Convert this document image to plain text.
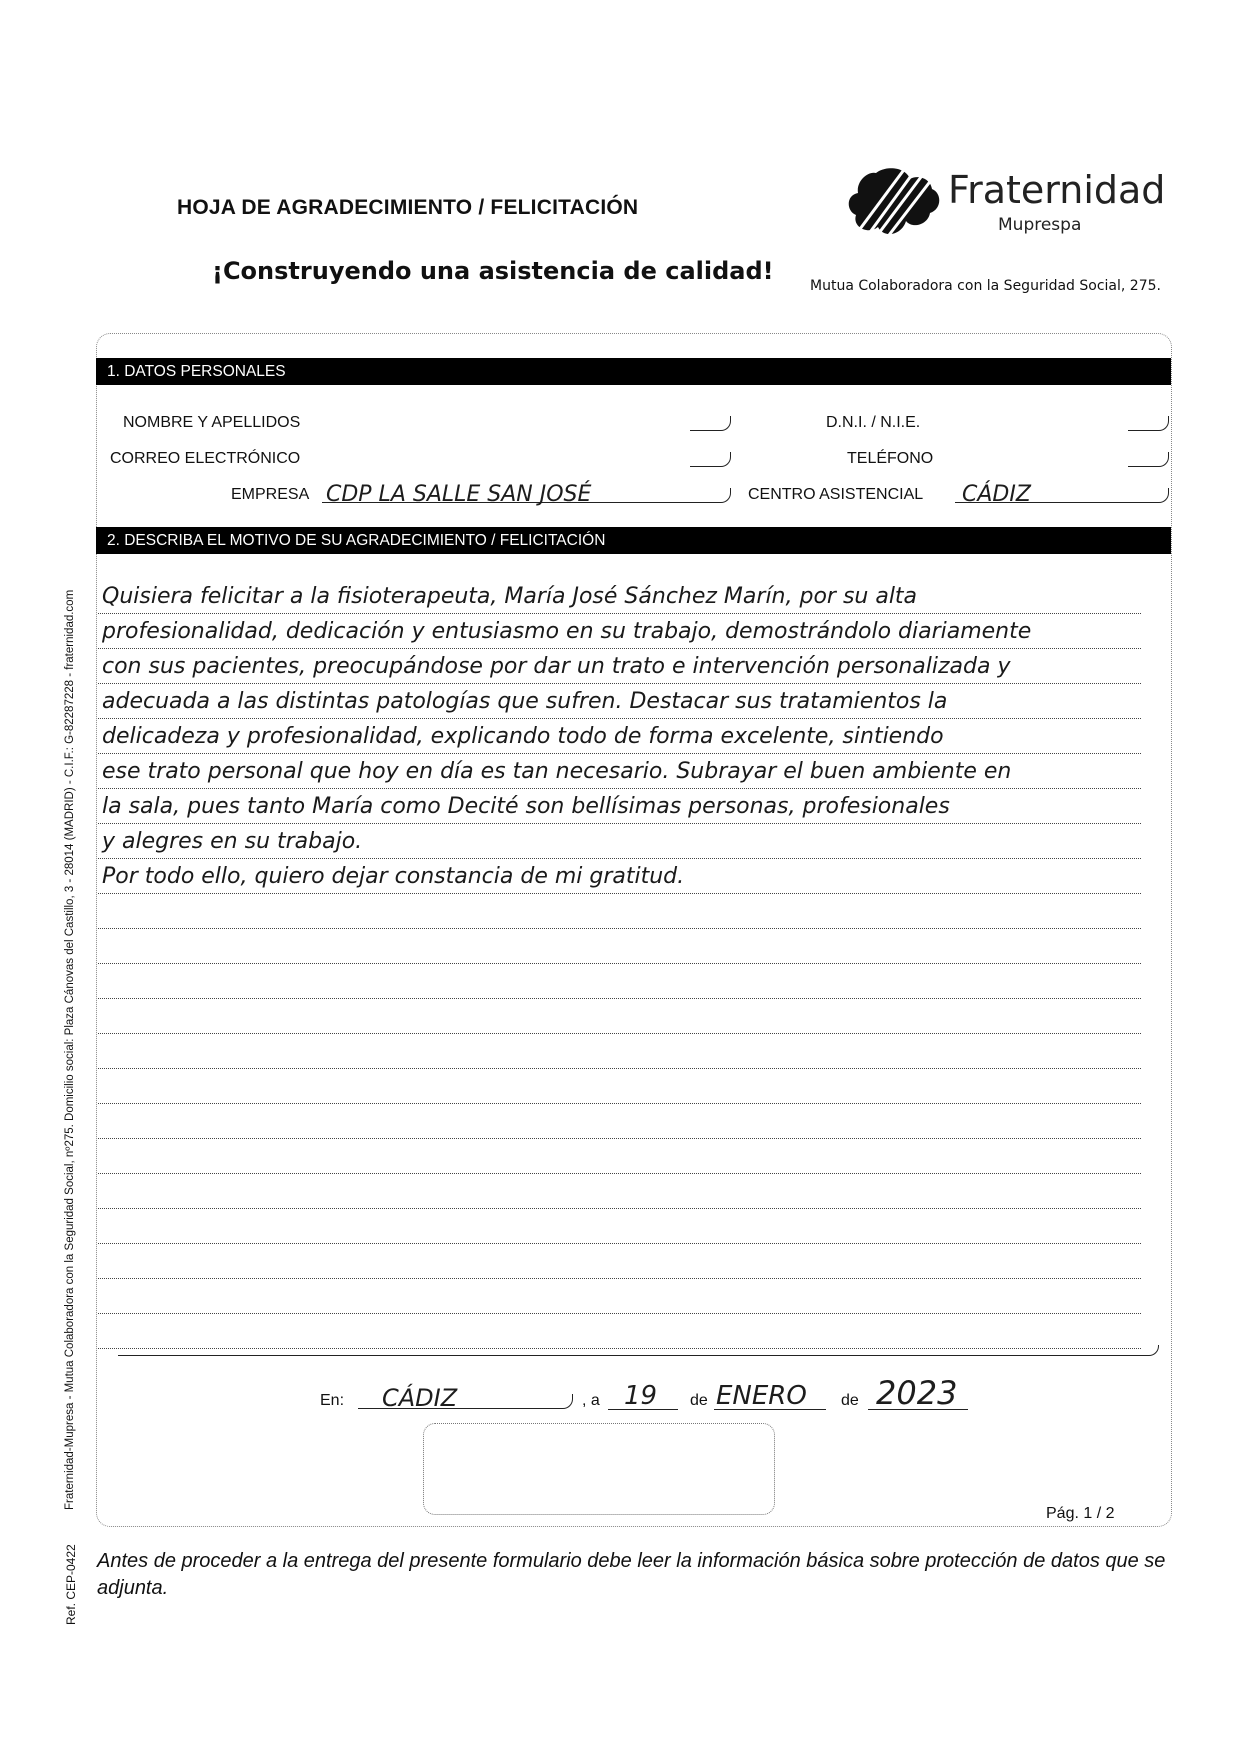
HOJA DE AGRADECIMIENTO / FELICITACIÓN
¡Construyendo una asistencia de calidad!
Fraternidad
Muprespa
Mutua Colaboradora con la Seguridad Social, 275.
Fraternidad-Mupresa - Mutua Colaboradora con la Seguridad Social, nº275. Domicilio social: Plaza Cánovas del Castillo, 3 - 28014 (MADRID) - C.I.F.: G-82287228 - fraternidad.com
Ref. CEP-0422
1. DATOS PERSONALES
2. DESCRIBA EL MOTIVO DE SU AGRADECIMIENTO / FELICITACIÓN
NOMBRE Y APELLIDOS	D.N.I. / N.I.E.
CORREO ELECTRÓNICO	TELÉFONO
EMPRESA CDP LA SALLE SAN JOSÉ	CENTRO ASISTENCIAL CÁDIZ
Quisiera felicitar a la fisioterapeuta, María José Sánchez Marín, por su alta
profesionalidad, dedicación y entusiasmo en su trabajo, demostrándolo diariamente
con sus pacientes, preocupándose por dar un trato e intervención personalizada y
adecuada a las distintas patologías que sufren. Destacar sus tratamientos la
delicadeza y profesionalidad, explicando todo de forma excelente, sintiendo
ese trato personal que hoy en día es tan necesario. Subrayar el buen ambiente en
la sala, pues tanto María como Decité son bellísimas personas, profesionales
y alegres en su trabajo.
Por todo ello, quiero dejar constancia de mi gratitud.
En: CÁDIZ	, a 19 de ENERO de 2023
Pág. 1 / 2
Antes de proceder a la entrega del presente formulario debe leer la información básica sobre protección de datos que se adjunta.
